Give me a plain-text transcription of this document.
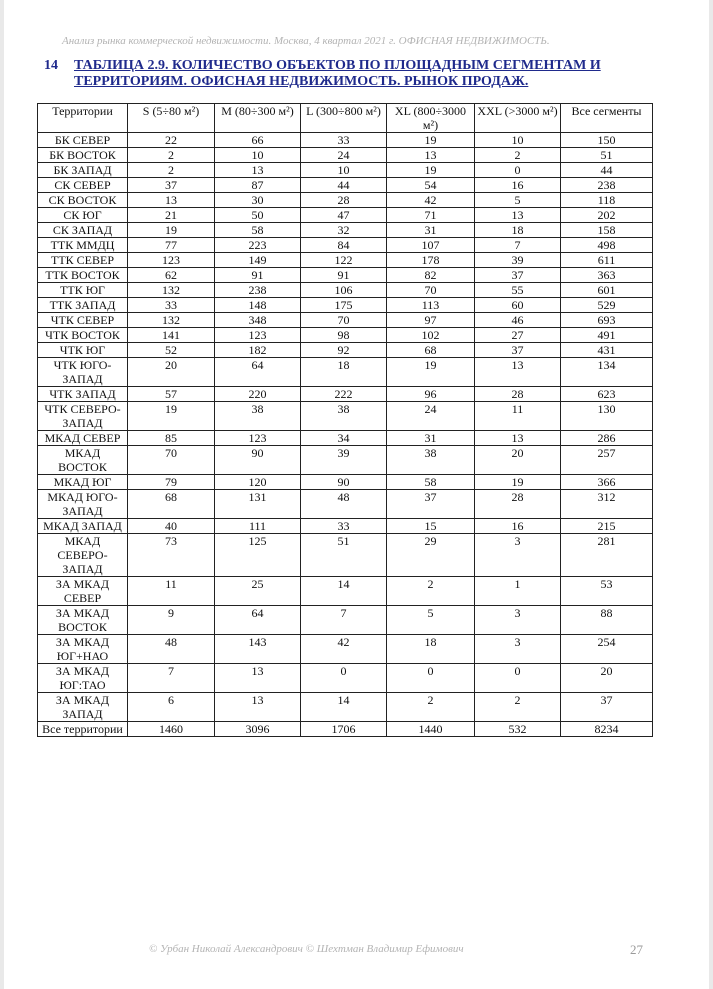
Анализ рынка коммерческой недвижимости. Москва, 4 квартал 2021 г. ОФИСНАЯ НЕДВИЖИМОСТЬ.
14 ТАБЛИЦА 2.9. КОЛИЧЕСТВО ОБЪЕКТОВ ПО ПЛОЩАДНЫМ СЕГМЕНТАМ И ТЕРРИТОРИЯМ. ОФИСНАЯ НЕДВИЖИМОСТЬ. РЫНОК ПРОДАЖ.
Территории	S (5÷80 м²)	M (80÷300 м²)	L (300÷800 м²)	XL (800÷3000 м²)	XXL (>3000 м²)	Все сегменты
БК СЕВЕР	22	66	33	19	10	150
БК ВОСТОК	2	10	24	13	2	51
БК ЗАПАД	2	13	10	19	0	44
СК СЕВЕР	37	87	44	54	16	238
СК ВОСТОК	13	30	28	42	5	118
СК ЮГ	21	50	47	71	13	202
СК ЗАПАД	19	58	32	31	18	158
ТТК ММДЦ	77	223	84	107	7	498
ТТК СЕВЕР	123	149	122	178	39	611
ТТК ВОСТОК	62	91	91	82	37	363
ТТК ЮГ	132	238	106	70	55	601
ТТК ЗАПАД	33	148	175	113	60	529
ЧТК СЕВЕР	132	348	70	97	46	693
ЧТК ВОСТОК	141	123	98	102	27	491
ЧТК ЮГ	52	182	92	68	37	431
ЧТК ЮГО-ЗАПАД	20	64	18	19	13	134
ЧТК ЗАПАД	57	220	222	96	28	623
ЧТК СЕВЕРО-ЗАПАД	19	38	38	24	11	130
МКАД СЕВЕР	85	123	34	31	13	286
МКАД ВОСТОК	70	90	39	38	20	257
МКАД ЮГ	79	120	90	58	19	366
МКАД ЮГО-ЗАПАД	68	131	48	37	28	312
МКАД ЗАПАД	40	111	33	15	16	215
МКАД СЕВЕРО-ЗАПАД	73	125	51	29	3	281
ЗА МКАД СЕВЕР	11	25	14	2	1	53
ЗА МКАД ВОСТОК	9	64	7	5	3	88
ЗА МКАД ЮГ+НАО	48	143	42	18	3	254
ЗА МКАД ЮГ:ТАО	7	13	0	0	0	20
ЗА МКАД ЗАПАД	6	13	14	2	2	37
Все территории	1460	3096	1706	1440	532	8234
© Урбан Николай Александрович © Шехтман Владимир Ефимович	27
